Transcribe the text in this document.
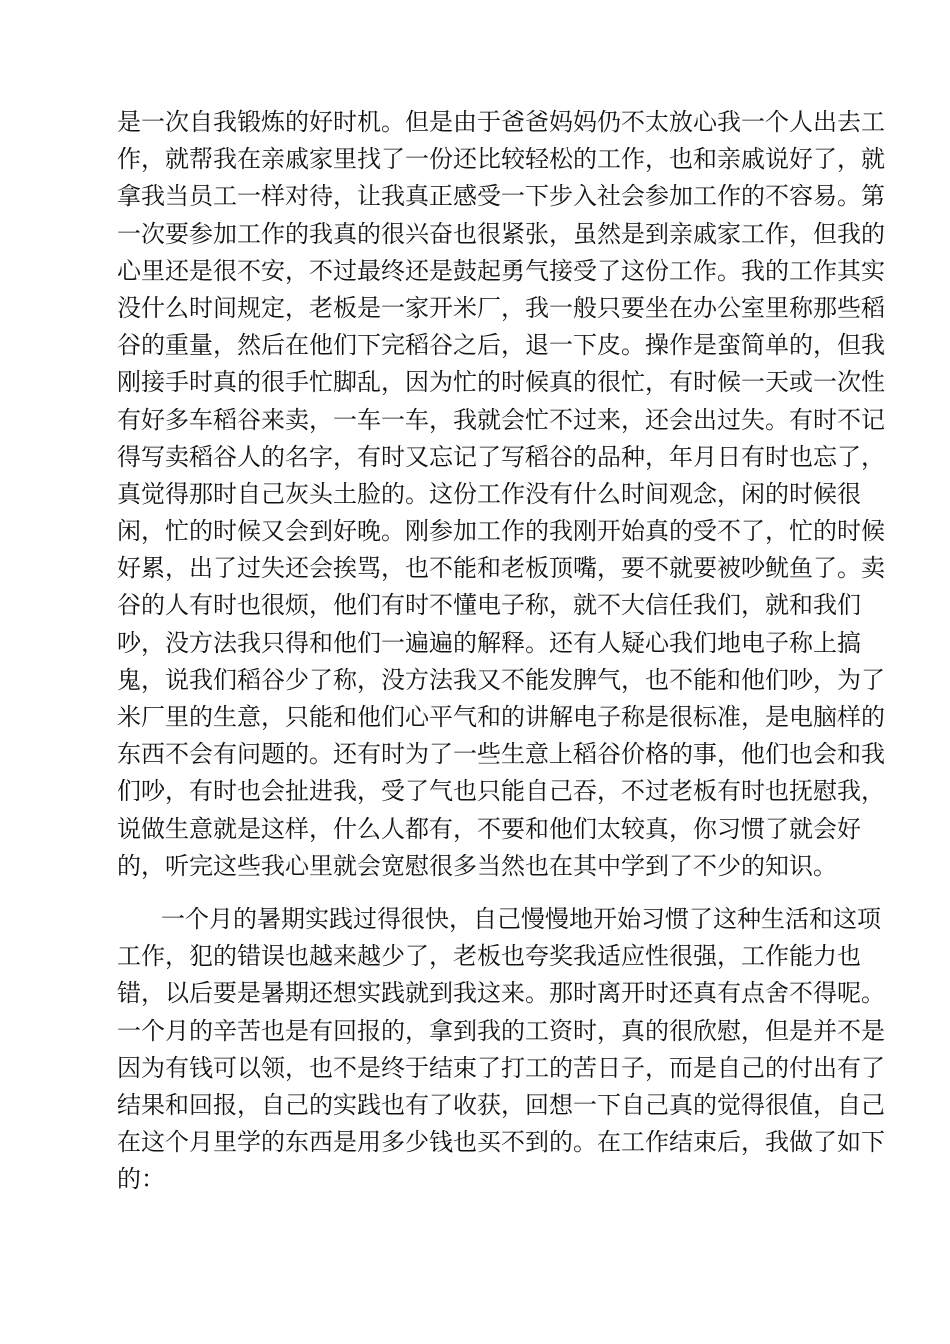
是一次自我锻炼的好时机。但是由于爸爸妈妈仍不太放心我一个人出去工
作，就帮我在亲戚家里找了一份还比较轻松的工作，也和亲戚说好了，就
拿我当员工一样对待，让我真正感受一下步入社会参加工作的不容易。第
一次要参加工作的我真的很兴奋也很紧张，虽然是到亲戚家工作，但我的
心里还是很不安，不过最终还是鼓起勇气接受了这份工作。我的工作其实
没什么时间规定，老板是一家开米厂，我一般只要坐在办公室里称那些稻
谷的重量，然后在他们下完稻谷之后，退一下皮。操作是蛮简单的，但我
刚接手时真的很手忙脚乱，因为忙的时候真的很忙，有时候一天或一次性
有好多车稻谷来卖，一车一车，我就会忙不过来，还会出过失。有时不记
得写卖稻谷人的名字，有时又忘记了写稻谷的品种，年月日有时也忘了，
真觉得那时自己灰头土脸的。这份工作没有什么时间观念，闲的时候很
闲，忙的时候又会到好晚。刚参加工作的我刚开始真的受不了，忙的时候
好累，出了过失还会挨骂，也不能和老板顶嘴，要不就要被吵鱿鱼了。卖
谷的人有时也很烦，他们有时不懂电子称，就不大信任我们，就和我们
吵，没方法我只得和他们一遍遍的解释。还有人疑心我们地电子称上搞
鬼，说我们稻谷少了称，没方法我又不能发脾气，也不能和他们吵，为了
米厂里的生意，只能和他们心平气和的讲解电子称是很标准，是电脑样的
东西不会有问题的。还有时为了一些生意上稻谷价格的事，他们也会和我
们吵，有时也会扯进我，受了气也只能自己吞，不过老板有时也抚慰我，
说做生意就是这样，什么人都有，不要和他们太较真，你习惯了就会好
的，听完这些我心里就会宽慰很多当然也在其中学到了不少的知识。
一个月的暑期实践过得很快，自己慢慢地开始习惯了这种生活和这项
工作，犯的错误也越来越少了，老板也夸奖我适应性很强，工作能力也
错，以后要是暑期还想实践就到我这来。那时离开时还真有点舍不得呢。
一个月的辛苦也是有回报的，拿到我的工资时，真的很欣慰，但是并不是
因为有钱可以领，也不是终于结束了打工的苦日子，而是自己的付出有了
结果和回报，自己的实践也有了收获，回想一下自己真的觉得很值，自己
在这个月里学的东西是用多少钱也买不到的。在工作结束后，我做了如下
的：
